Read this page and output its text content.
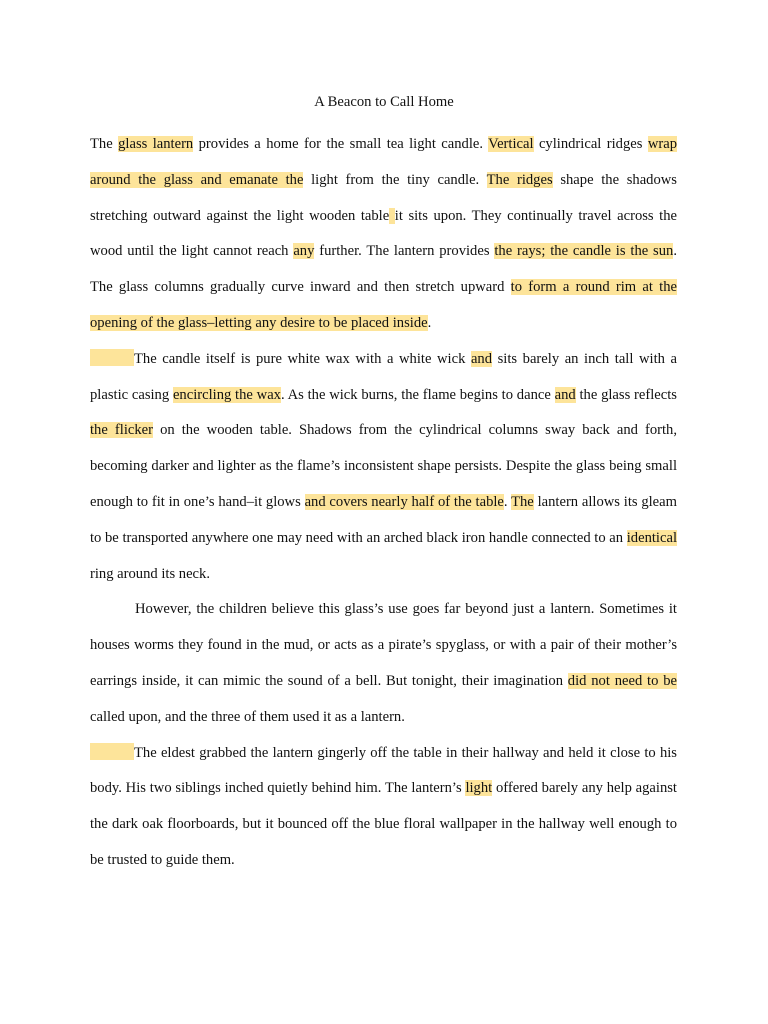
A Beacon to Call Home

The glass lantern provides a home for the small tea light candle. Vertical cylindrical ridges wrap around the glass and emanate the light from the tiny candle. The ridges shape the shadows stretching outward against the light wooden table it sits upon. They continually travel across the wood until the light cannot reach any further. The lantern provides the rays; the candle is the sun. The glass columns gradually curve inward and then stretch upward to form a round rim at the opening of the glass–letting any desire to be placed inside.

The candle itself is pure white wax with a white wick and sits barely an inch tall with a plastic casing encircling the wax. As the wick burns, the flame begins to dance and the glass reflects the flicker on the wooden table. Shadows from the cylindrical columns sway back and forth, becoming darker and lighter as the flame’s inconsistent shape persists. Despite the glass being small enough to fit in one’s hand–it glows and covers nearly half of the table. The lantern allows its gleam to be transported anywhere one may need with an arched black iron handle connected to an identical ring around its neck.

However, the children believe this glass’s use goes far beyond just a lantern. Sometimes it houses worms they found in the mud, or acts as a pirate’s spyglass, or with a pair of their mother’s earrings inside, it can mimic the sound of a bell. But tonight, their imagination did not need to be called upon, and the three of them used it as a lantern.

The eldest grabbed the lantern gingerly off the table in their hallway and held it close to his body. His two siblings inched quietly behind him. The lantern’s light offered barely any help against the dark oak floorboards, but it bounced off the blue floral wallpaper in the hallway well enough to be trusted to guide them.
